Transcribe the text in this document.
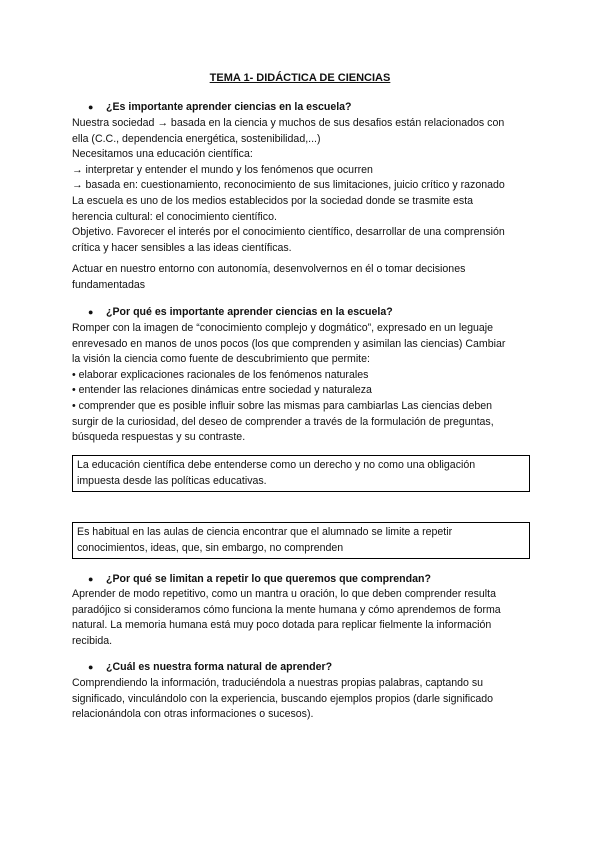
TEMA 1- DIDÁCTICA DE CIENCIAS
● ¿Es importante aprender ciencias en la escuela?
Nuestra sociedad → basada en la ciencia y muchos de sus desafios están relacionados con
ella (C.C., dependencia energética, sostenibilidad,...)
Necesitamos una educación científica:
→ interpretar y entender el mundo y los fenómenos que ocurren
→ basada en: cuestionamiento, reconocimiento de sus limitaciones, juicio crítico y razonado
La escuela es uno de los medios establecidos por la sociedad donde se trasmite esta
herencia cultural: el conocimiento científico.
Objetivo. Favorecer el interés por el conocimiento científico, desarrollar de una comprensión
crítica y hacer sensibles a las ideas científicas.
Actuar en nuestro entorno con autonomía, desenvolvernos en él o tomar decisiones
fundamentadas
● ¿Por qué es importante aprender ciencias en la escuela?
Romper con la imagen de “conocimiento complejo y dogmático”, expresado en un leguaje
enrevesado en manos de unos pocos (los que comprenden y asimilan las ciencias) Cambiar
la visión la ciencia como fuente de descubrimiento que permite:
• elaborar explicaciones racionales de los fenómenos naturales
• entender las relaciones dinámicas entre sociedad y naturaleza
• comprender que es posible influir sobre las mismas para cambiarlas Las ciencias deben
surgir de la curiosidad, del deseo de comprender a través de la formulación de preguntas,
búsqueda respuestas y su contraste.
La educación científica debe entenderse como un derecho y no como una obligación
impuesta desde las políticas educativas.
Es habitual en las aulas de ciencia encontrar que el alumnado se limite a repetir
conocimientos, ideas, que, sin embargo, no comprenden
● ¿Por qué se limitan a repetir lo que queremos que comprendan?
Aprender de modo repetitivo, como un mantra u oración, lo que deben comprender resulta
paradójico si consideramos cómo funciona la mente humana y cómo aprendemos de forma
natural. La memoria humana está muy poco dotada para replicar fielmente la información
recibida.
● ¿Cuál es nuestra forma natural de aprender?
Comprendiendo la información, traduciéndola a nuestras propias palabras, captando su
significado, vinculándolo con la experiencia, buscando ejemplos propios (darle significado
relacionándola con otras informaciones o sucesos).
